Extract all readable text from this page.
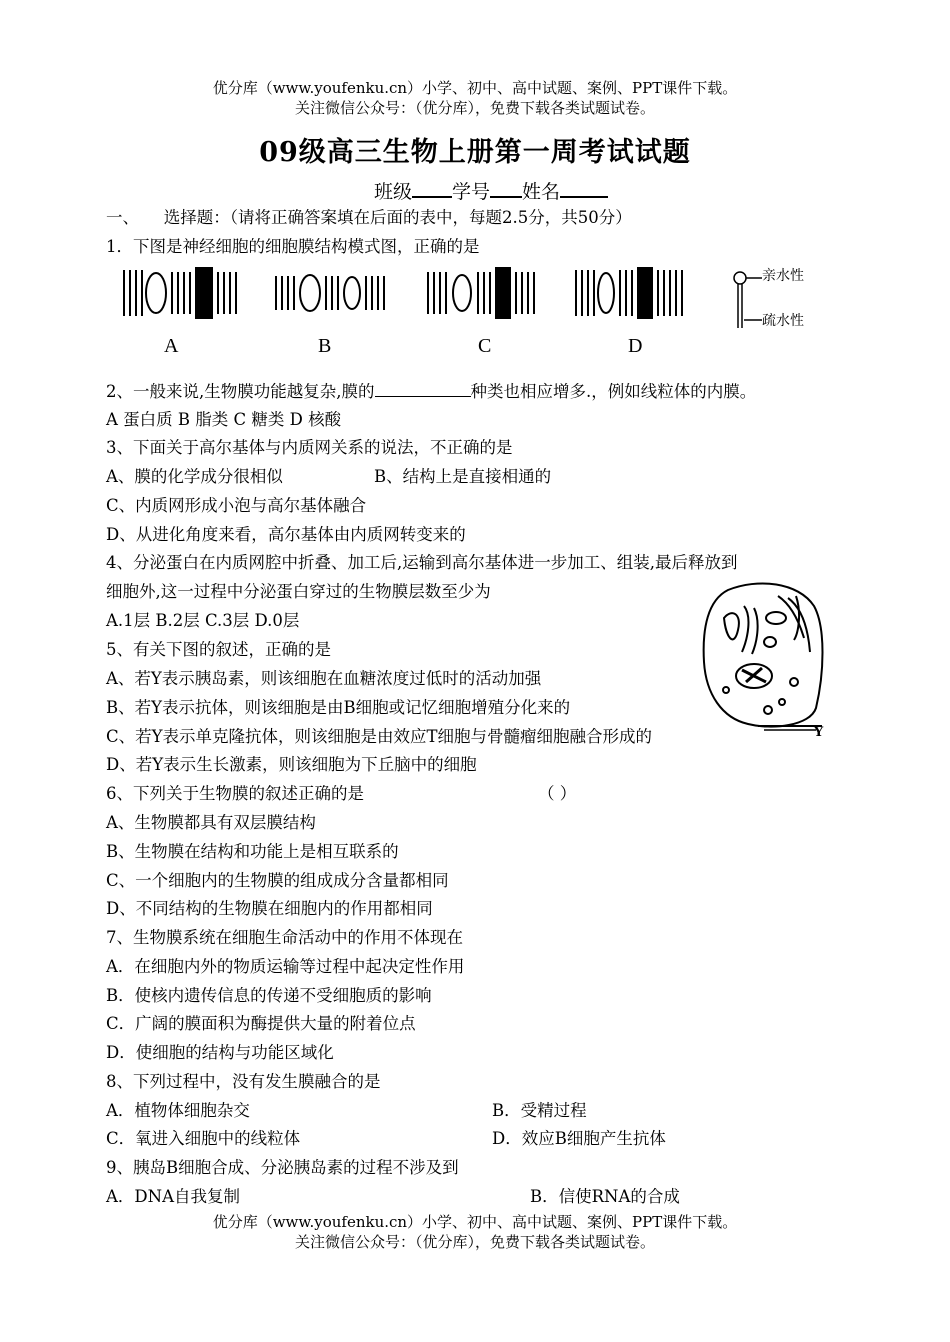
优分库（www.youfenku.cn）小学、初中、高中试题、案例、PPT课件下载。
关注微信公众号：（优分库），免费下载各类试题试卷。
09级高三生物上册第一周考试试题
班级 学号 姓名
一、　　选择题：（请将正确答案填在后面的表中，每题2.5分，共50分）
1．下图是神经细胞的细胞膜结构模式图，正确的是
A	B	C	D
亲水性
疏水性
2、一般来说,生物膜功能越复杂,膜的	种类也相应增多.，例如线粒体的内膜。
A 蛋白质 B 脂类 C 糖类 D 核酸
3、下面关于高尔基体与内质网关系的说法，不正确的是
A、膜的化学成分很相似	B、结构上是直接相通的
C、内质网形成小泡与高尔基体融合
D、从进化角度来看，高尔基体由内质网转变来的
4、分泌蛋白在内质网腔中折叠、加工后,运输到高尔基体进一步加工、组装,最后释放到
细胞外,这一过程中分泌蛋白穿过的生物膜层数至少为
A.1层 B.2层 C.3层 D.0层
Y
5、有关下图的叙述，正确的是
A、若Y表示胰岛素，则该细胞在血糖浓度过低时的活动加强
B、若Y表示抗体，则该细胞是由B细胞或记忆细胞增殖分化来的
C、若Y表示单克隆抗体，则该细胞是由效应T细胞与骨髓瘤细胞融合形成的
D、若Y表示生长激素，则该细胞为下丘脑中的细胞
6、下列关于生物膜的叙述正确的是	（ ）
A、生物膜都具有双层膜结构
B、生物膜在结构和功能上是相互联系的
C、一个细胞内的生物膜的组成成分含量都相同
D、不同结构的生物膜在细胞内的作用都相同
7、生物膜系统在细胞生命活动中的作用不体现在
A．在细胞内外的物质运输等过程中起决定性作用
B．使核内遗传信息的传递不受细胞质的影响
C．广阔的膜面积为酶提供大量的附着位点
D．使细胞的结构与功能区域化
8、下列过程中，没有发生膜融合的是
A．植物体细胞杂交	B．受精过程
C．氧进入细胞中的线粒体	D．效应B细胞产生抗体
9、胰岛B细胞合成、分泌胰岛素的过程不涉及到
A．DNA自我复制	B．信使RNA的合成
优分库（www.youfenku.cn）小学、初中、高中试题、案例、PPT课件下载。
关注微信公众号：（优分库），免费下载各类试题试卷。
